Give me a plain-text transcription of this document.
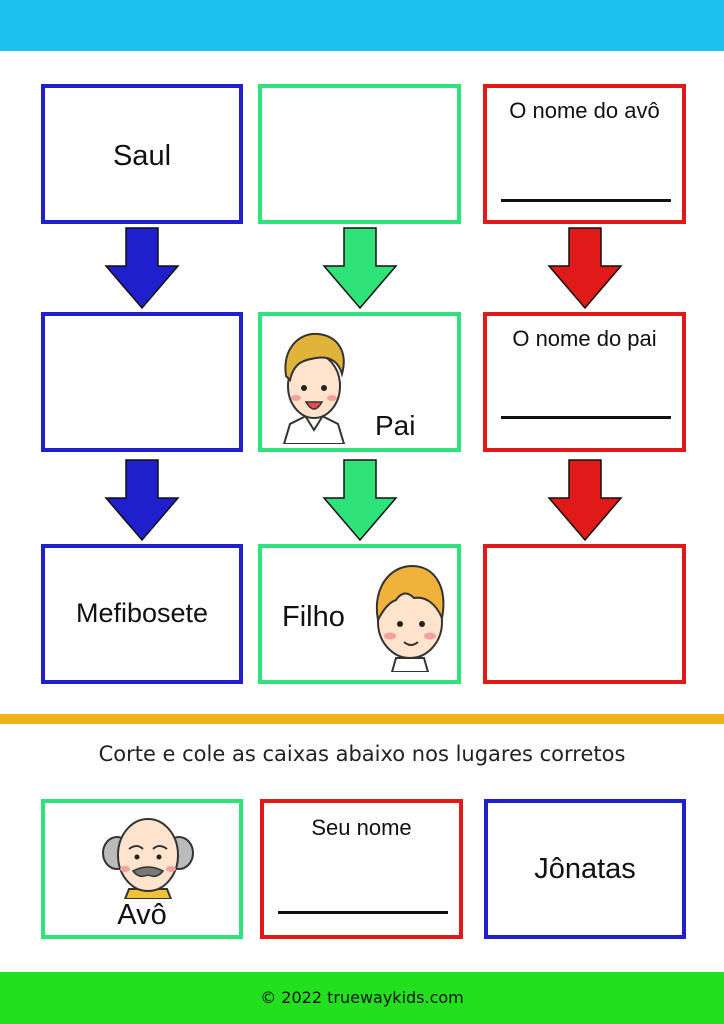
Saul
O nome do avô
Pai
O nome do pai
Mefibosete	Filho
Corte e cole as caixas abaixo nos lugares corretos
Avô
Seu nome
Jônatas
© 2022 truewaykids.com
